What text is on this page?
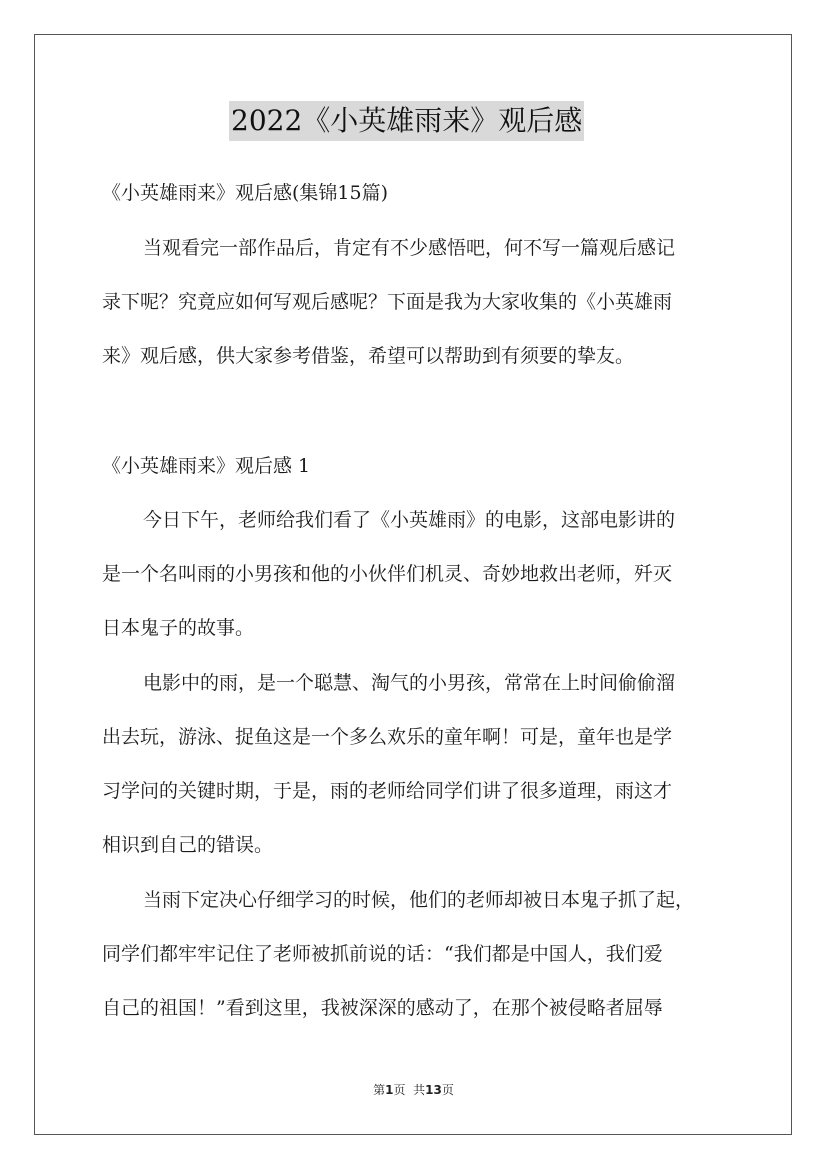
2022《小英雄雨来》观后感
《小英雄雨来》观后感(集锦15篇)
当观看完一部作品后，肯定有不少感悟吧，何不写一篇观后感记
录下呢？究竟应如何写观后感呢？下面是我为大家收集的《小英雄雨
来》观后感，供大家参考借鉴，希望可以帮助到有须要的挚友。
《小英雄雨来》观后感 1
今日下午，老师给我们看了《小英雄雨》的电影，这部电影讲的
是一个名叫雨的小男孩和他的小伙伴们机灵、奇妙地救出老师，歼灭
日本鬼子的故事。
电影中的雨，是一个聪慧、淘气的小男孩，常常在上时间偷偷溜
出去玩，游泳、捉鱼这是一个多么欢乐的童年啊！可是，童年也是学
习学问的关键时期，于是，雨的老师给同学们讲了很多道理，雨这才
相识到自己的错误。
当雨下定决心仔细学习的时候，他们的老师却被日本鬼子抓了起，
同学们都牢牢记住了老师被抓前说的话：“我们都是中国人，我们爱
自己的祖国！”看到这里，我被深深的感动了，在那个被侵略者屈辱
第1页  共13页
